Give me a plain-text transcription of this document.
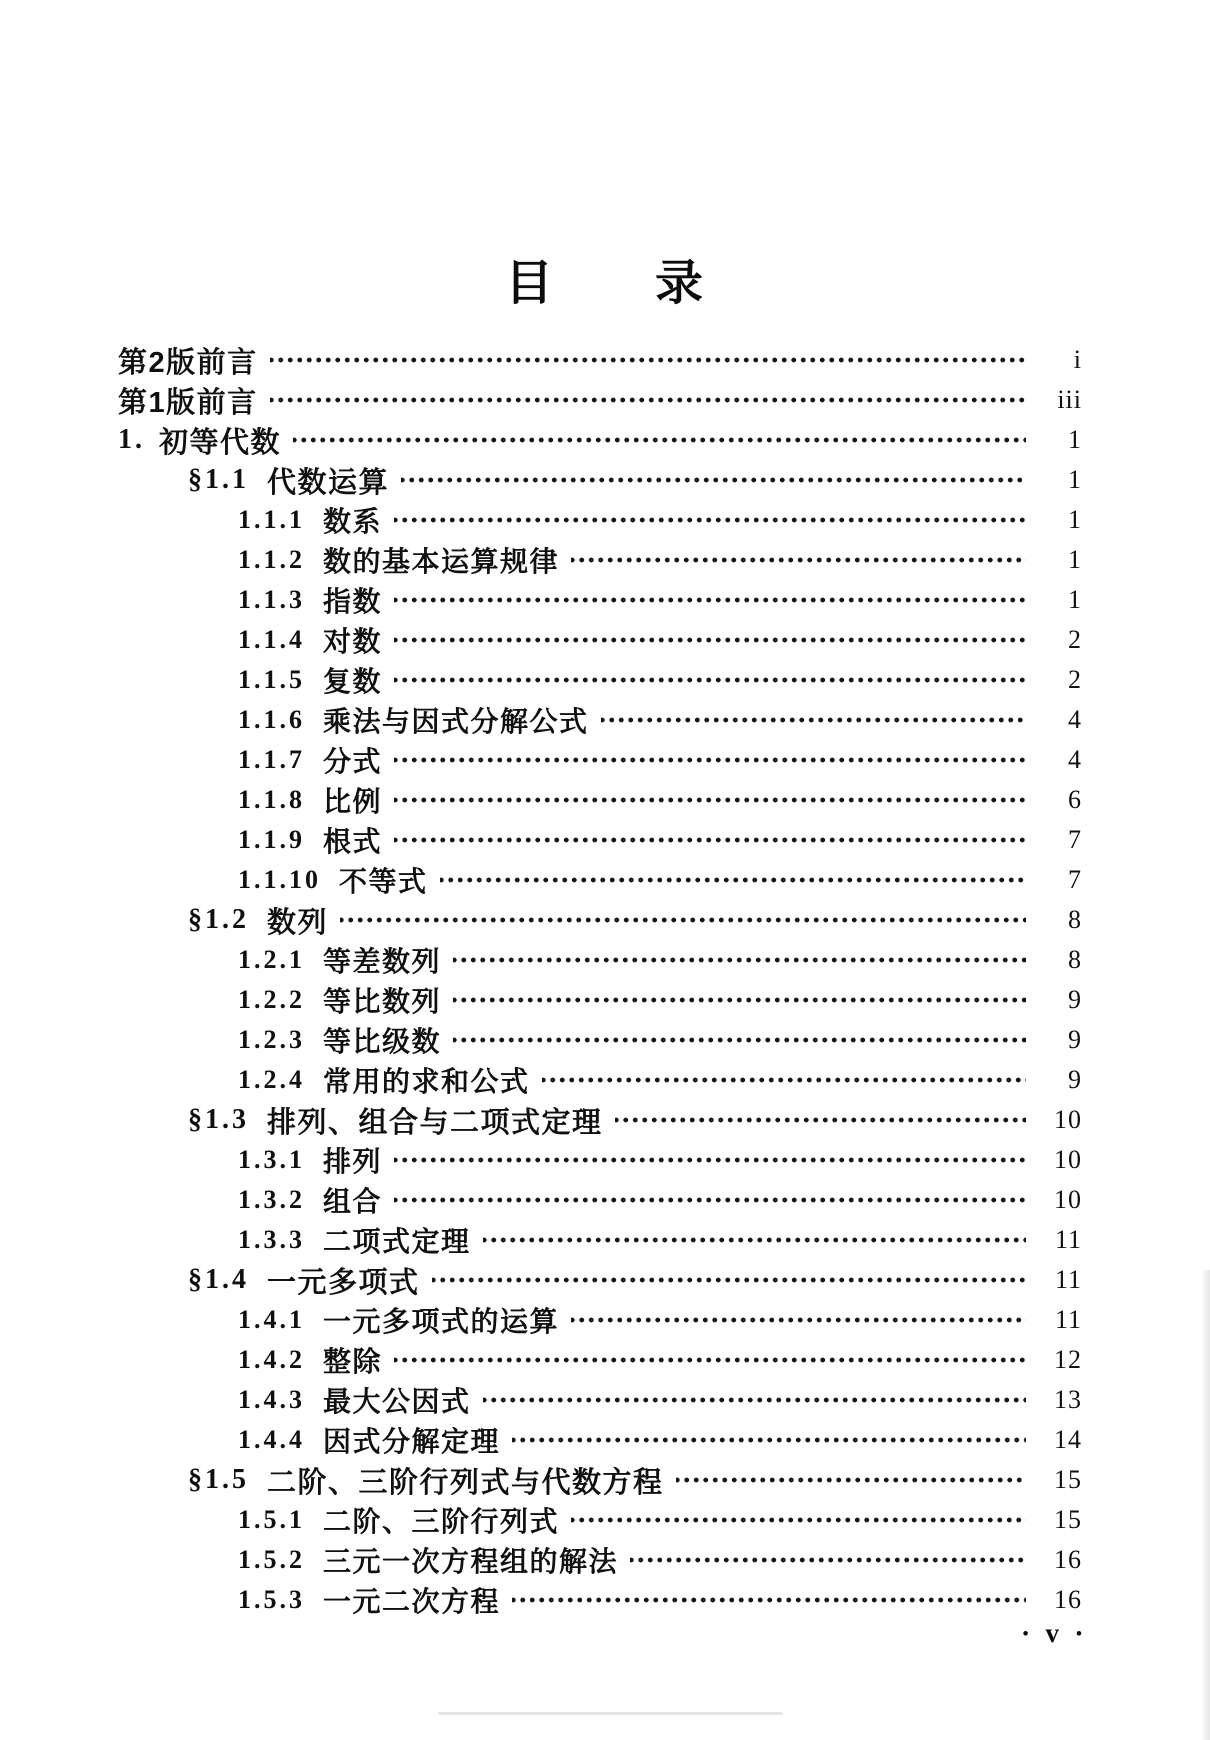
目　　录
第2版前言	i
第1版前言	iii
1. 初等代数	1
§1.1 代数运算	1
1.1.1 数系	1
1.1.2 数的基本运算规律	1
1.1.3 指数	1
1.1.4 对数	2
1.1.5 复数	2
1.1.6 乘法与因式分解公式	4
1.1.7 分式	4
1.1.8 比例	6
1.1.9 根式	7
1.1.10 不等式	7
§1.2 数列	8
1.2.1 等差数列	8
1.2.2 等比数列	9
1.2.3 等比级数	9
1.2.4 常用的求和公式	9
§1.3 排列、组合与二项式定理	10
1.3.1 排列	10
1.3.2 组合	10
1.3.3 二项式定理	11
§1.4 一元多项式	11
1.4.1 一元多项式的运算	11
1.4.2 整除	12
1.4.3 最大公因式	13
1.4.4 因式分解定理	14
§1.5 二阶、三阶行列式与代数方程	15
1.5.1 二阶、三阶行列式	15
1.5.2 三元一次方程组的解法	16
1.5.3 一元二次方程	16
• v •
